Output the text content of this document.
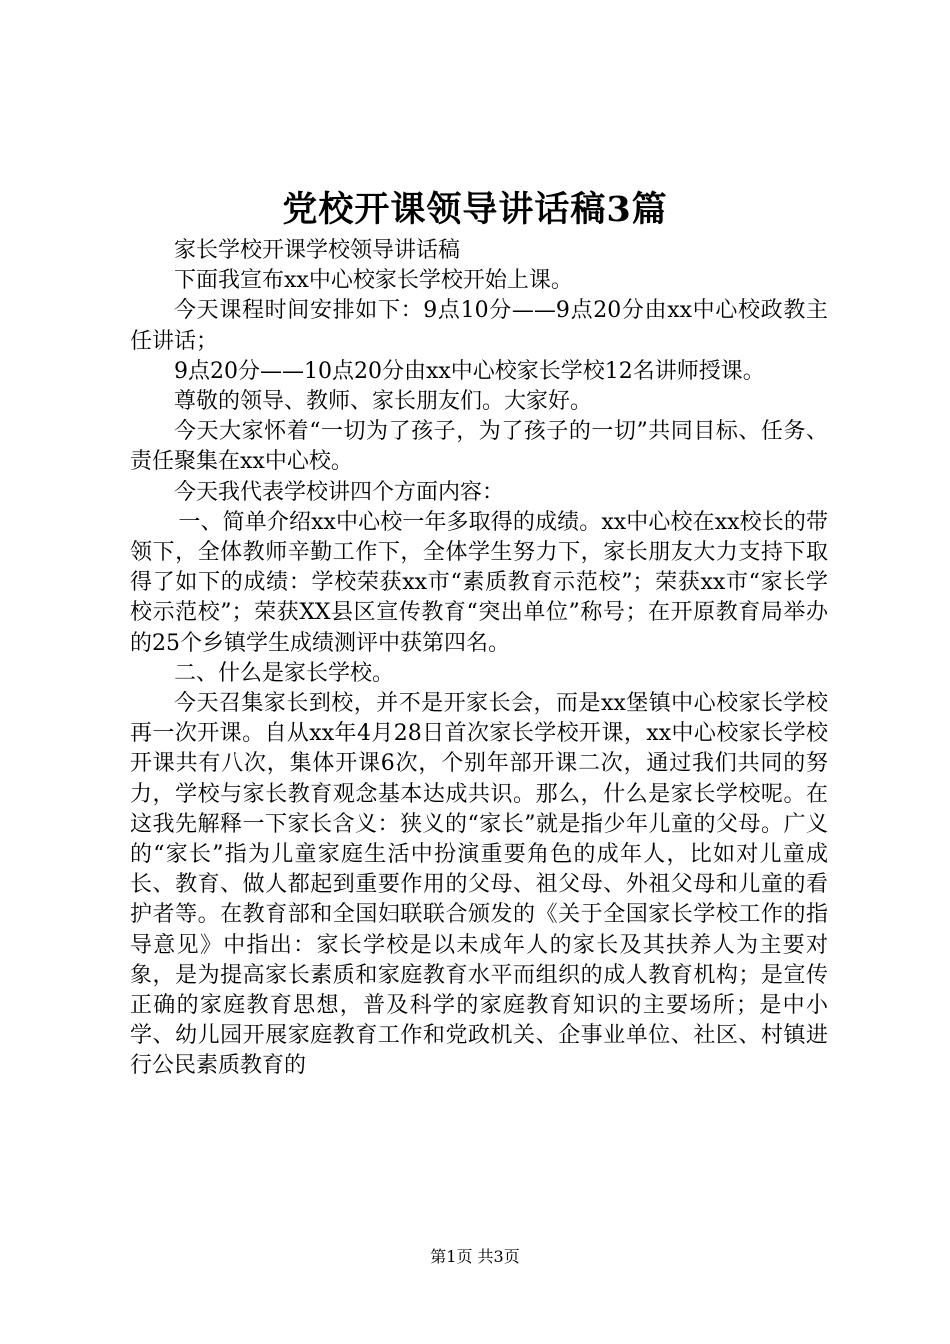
党校开课领导讲话稿3篇

家长学校开课学校领导讲话稿

下面我宣布xx中心校家长学校开始上课。

今天课程时间安排如下：9点10分——9点20分由xx中心校政教主任讲话；

9点20分——10点20分由xx中心校家长学校12名讲师授课。

尊敬的领导、教师、家长朋友们。大家好。

今天大家怀着“一切为了孩子，为了孩子的一切”共同目标、任务、责任聚集在xx中心校。

今天我代表学校讲四个方面内容：

一、简单介绍xx中心校一年多取得的成绩。xx中心校在xx校长的带领下，全体教师辛勤工作下，全体学生努力下，家长朋友大力支持下取得了如下的成绩：学校荣获xx市“素质教育示范校”；荣获xx市“家长学校示范校”；荣获XX县区宣传教育“突出单位”称号；在开原教育局举办的25个乡镇学生成绩测评中获第四名。

二、什么是家长学校。

今天召集家长到校，并不是开家长会，而是xx堡镇中心校家长学校再一次开课。自从xx年4月28日首次家长学校开课，xx中心校家长学校开课共有八次，集体开课6次，个别年部开课二次，通过我们共同的努力，学校与家长教育观念基本达成共识。那么，什么是家长学校呢。在这我先解释一下家长含义：狭义的“家长”就是指少年儿童的父母。广义的“家长”指为儿童家庭生活中扮演重要角色的成年人，比如对儿童成长、教育、做人都起到重要作用的父母、祖父母、外祖父母和儿童的看护者等。在教育部和全国妇联联合颁发的《关于全国家长学校工作的指导意见》中指出：家长学校是以未成年人的家长及其扶养人为主要对象，是为提高家长素质和家庭教育水平而组织的成人教育机构；是宣传正确的家庭教育思想，普及科学的家庭教育知识的主要场所；是中小学、幼儿园开展家庭教育工作和党政机关、企事业单位、社区、村镇进行公民素质教育的

第1页 共3页
